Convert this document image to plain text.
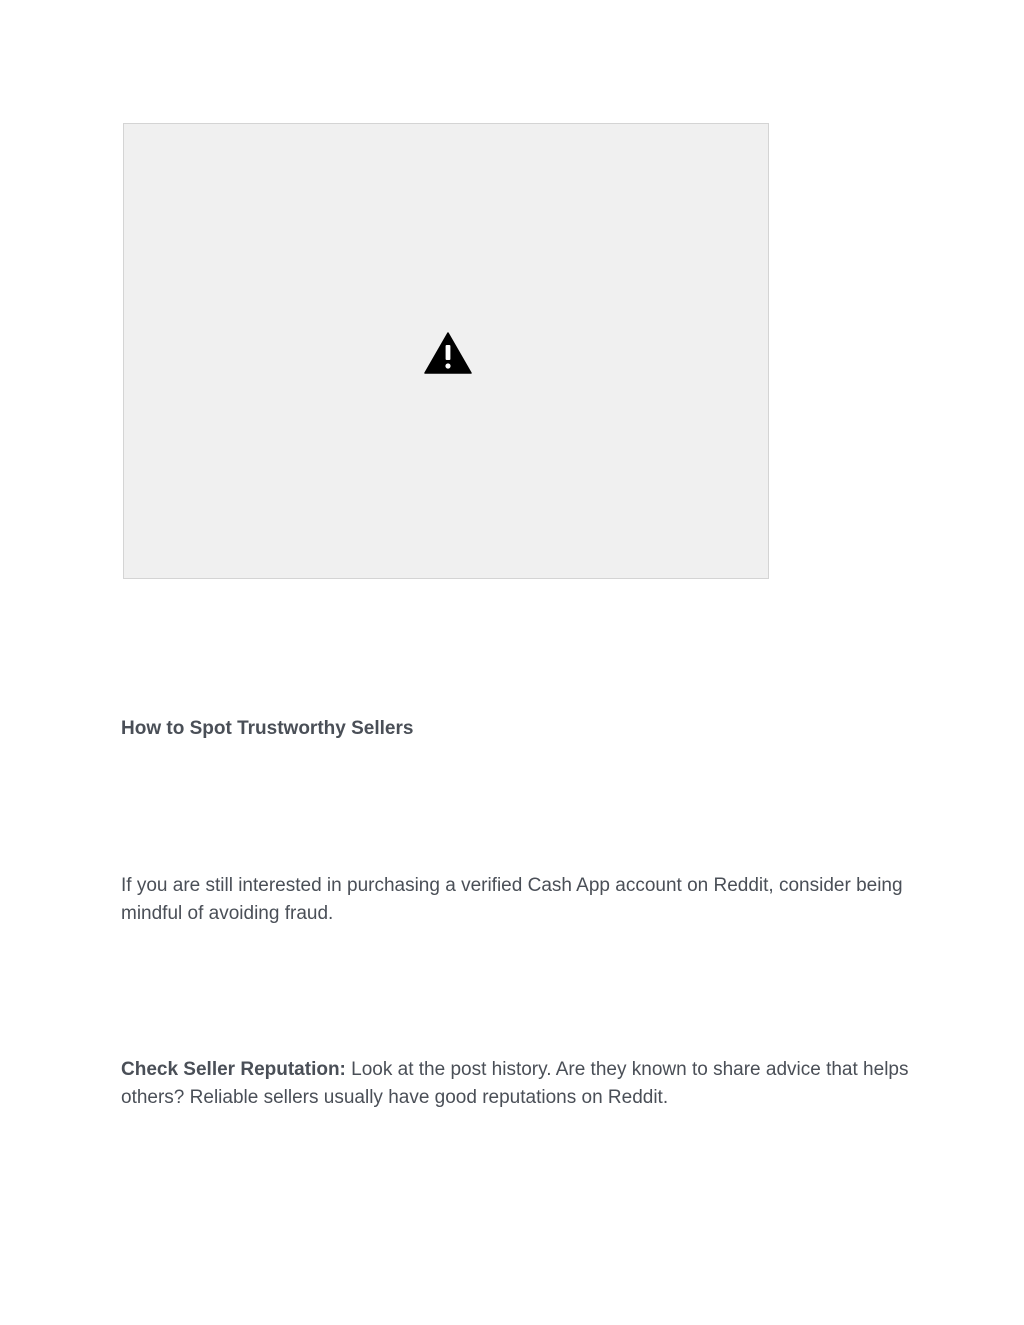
How to Spot Trustworthy Sellers

If you are still interested in purchasing a verified Cash App account on Reddit, consider being mindful of avoiding fraud.

Check Seller Reputation: Look at the post history. Are they known to share advice that helps others? Reliable sellers usually have good reputations on Reddit.
